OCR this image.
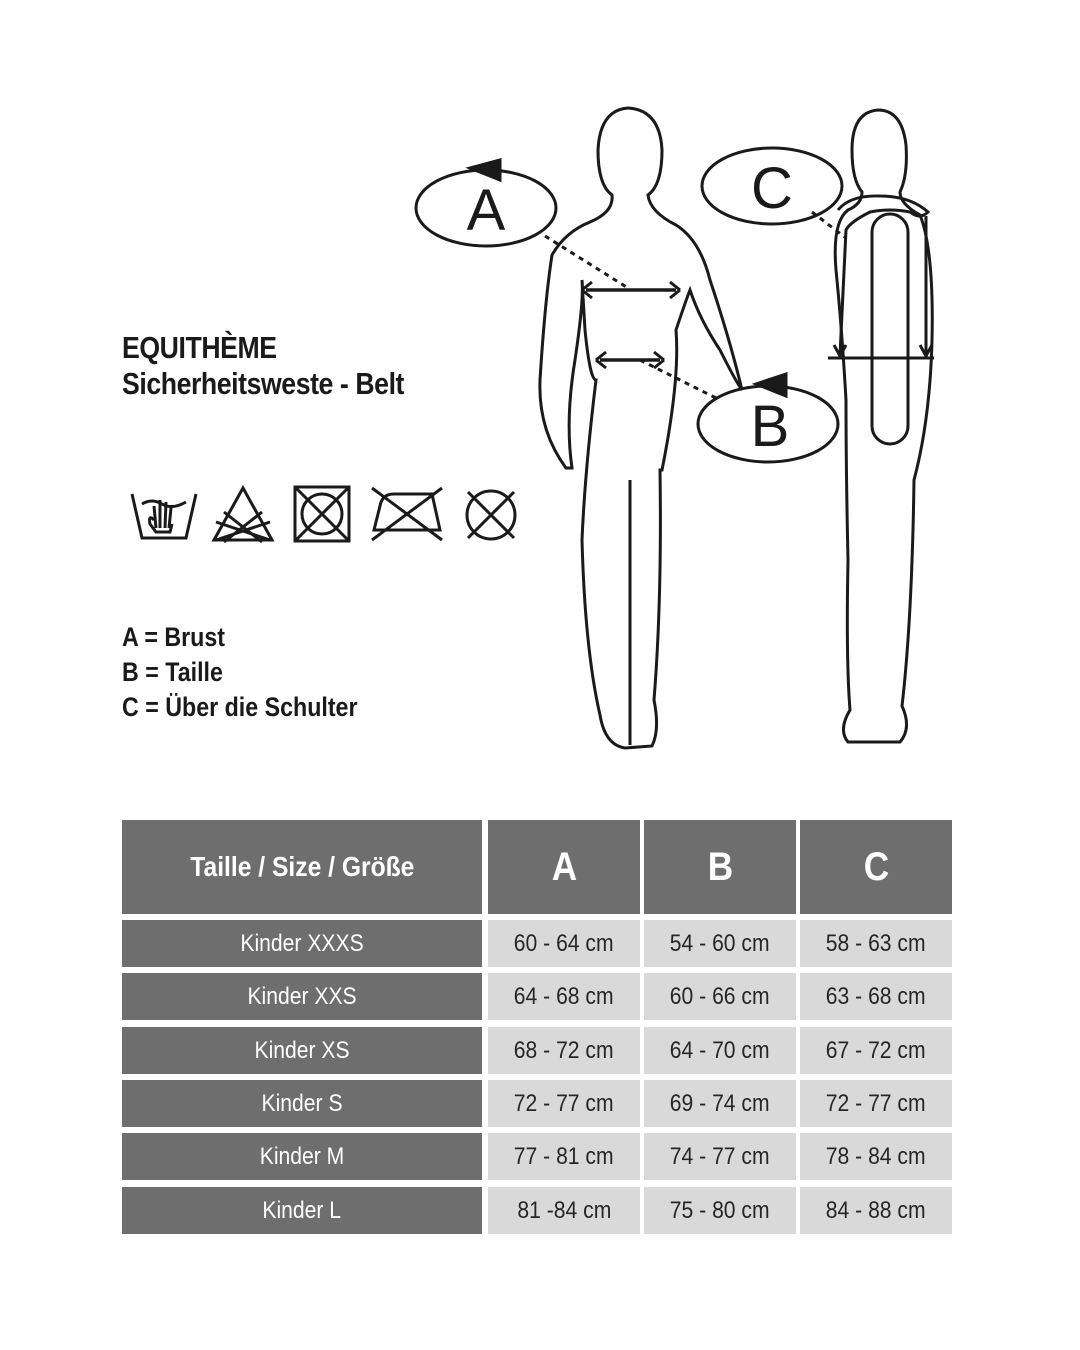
EQUITHÈME
Sicherheitsweste - Belt
A = Brust
B = Taille
C = Über die Schulter
A
B
C
Taille / Size / Größe	A	B	C
Kinder XXXS	60 - 64 cm 54 - 60 cm 58 - 63 cm
Kinder XXS	64 - 68 cm 60 - 66 cm 63 - 68 cm
Kinder XS	68 - 72 cm 64 - 70 cm 67 - 72 cm
Kinder S	72 - 77 cm 69 - 74 cm 72 - 77 cm
Kinder M	77 - 81 cm 74 - 77 cm 78 - 84 cm
Kinder L	81 -84 cm 75 - 80 cm 84 - 88 cm
